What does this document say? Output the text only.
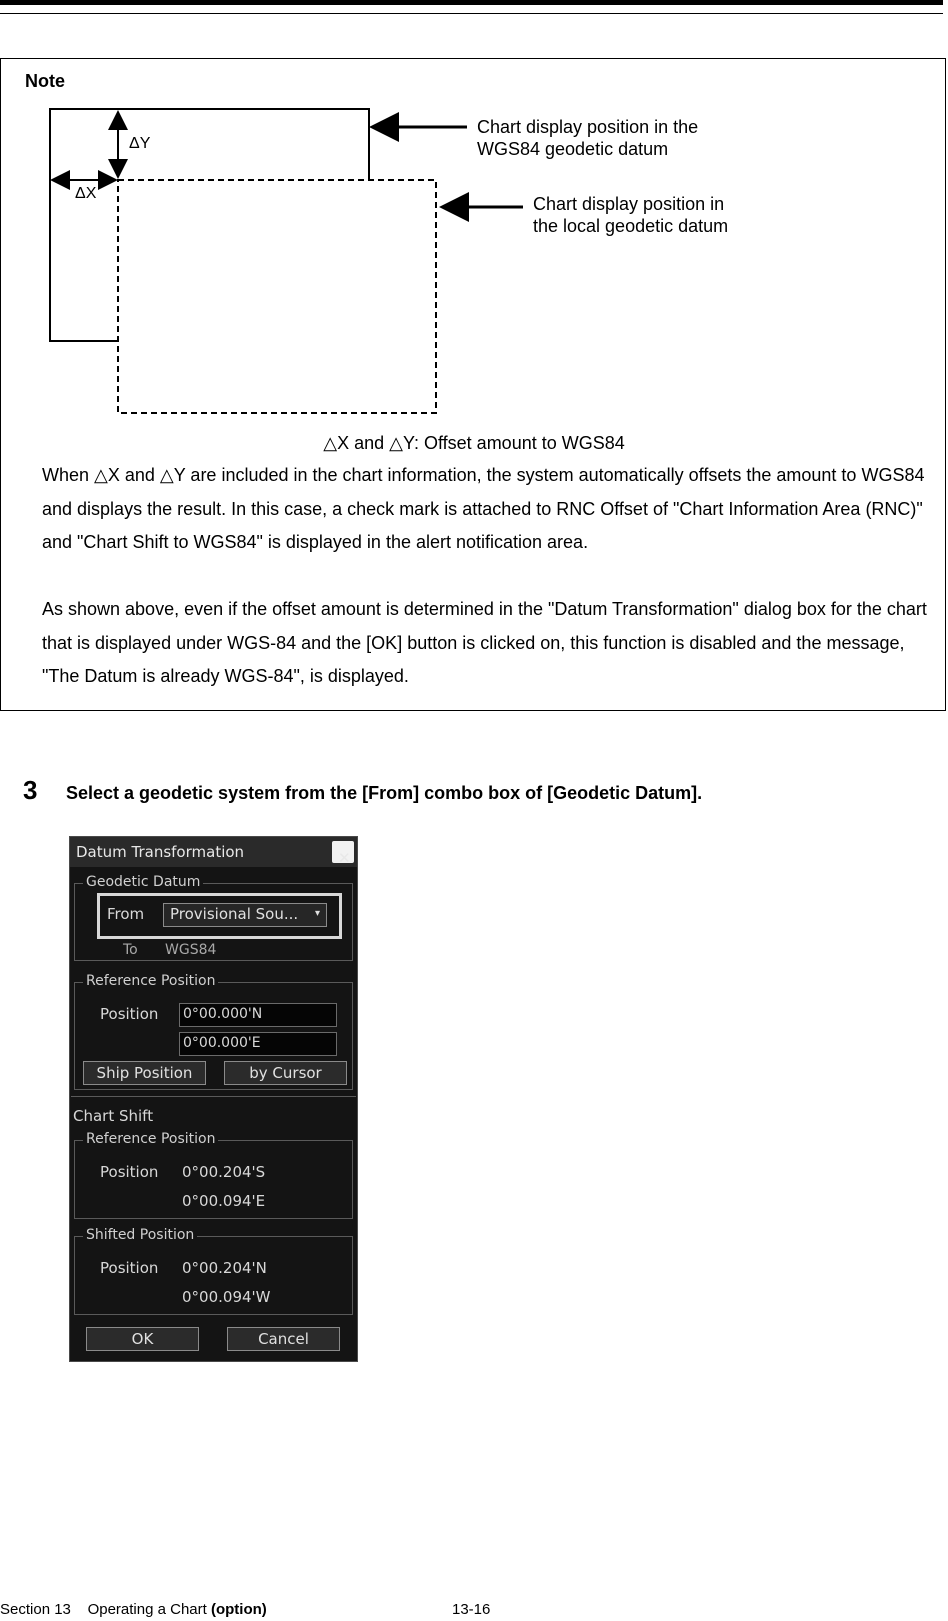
Note
ΔY
ΔX
Chart display position in the
WGS84 geodetic datum
Chart display position in
the local geodetic datum
△X and △Y: Offset amount to WGS84
When △X and △Y are included in the chart information, the system automatically offsets the amount to WGS84 and displays the result. In this case, a check mark is attached to RNC Offset of "Chart Information Area (RNC)" and "Chart Shift to WGS84" is displayed in the alert notification area.
As shown above, even if the offset amount is determined in the "Datum Transformation" dialog box for the chart that is displayed under WGS-84 and the [OK] button is clicked on, this function is disabled and the message, "The Datum is already WGS-84", is displayed.
3 Select a geodetic system from the [From] combo box of [Geodetic Datum].
Datum Transformation	✕
Geodetic Datum
To WGS84
From	Provisional Sou... ▾
Reference Position
Position 0°00.000'N
0°00.000'E
Ship Position	by Cursor
Chart Shift
Reference Position
Position 0°00.204'S
0°00.094'E
Shifted Position
Position 0°00.204'N
0°00.094'W
OK	Cancel
Section 13 Operating a Chart (option)	13-16
